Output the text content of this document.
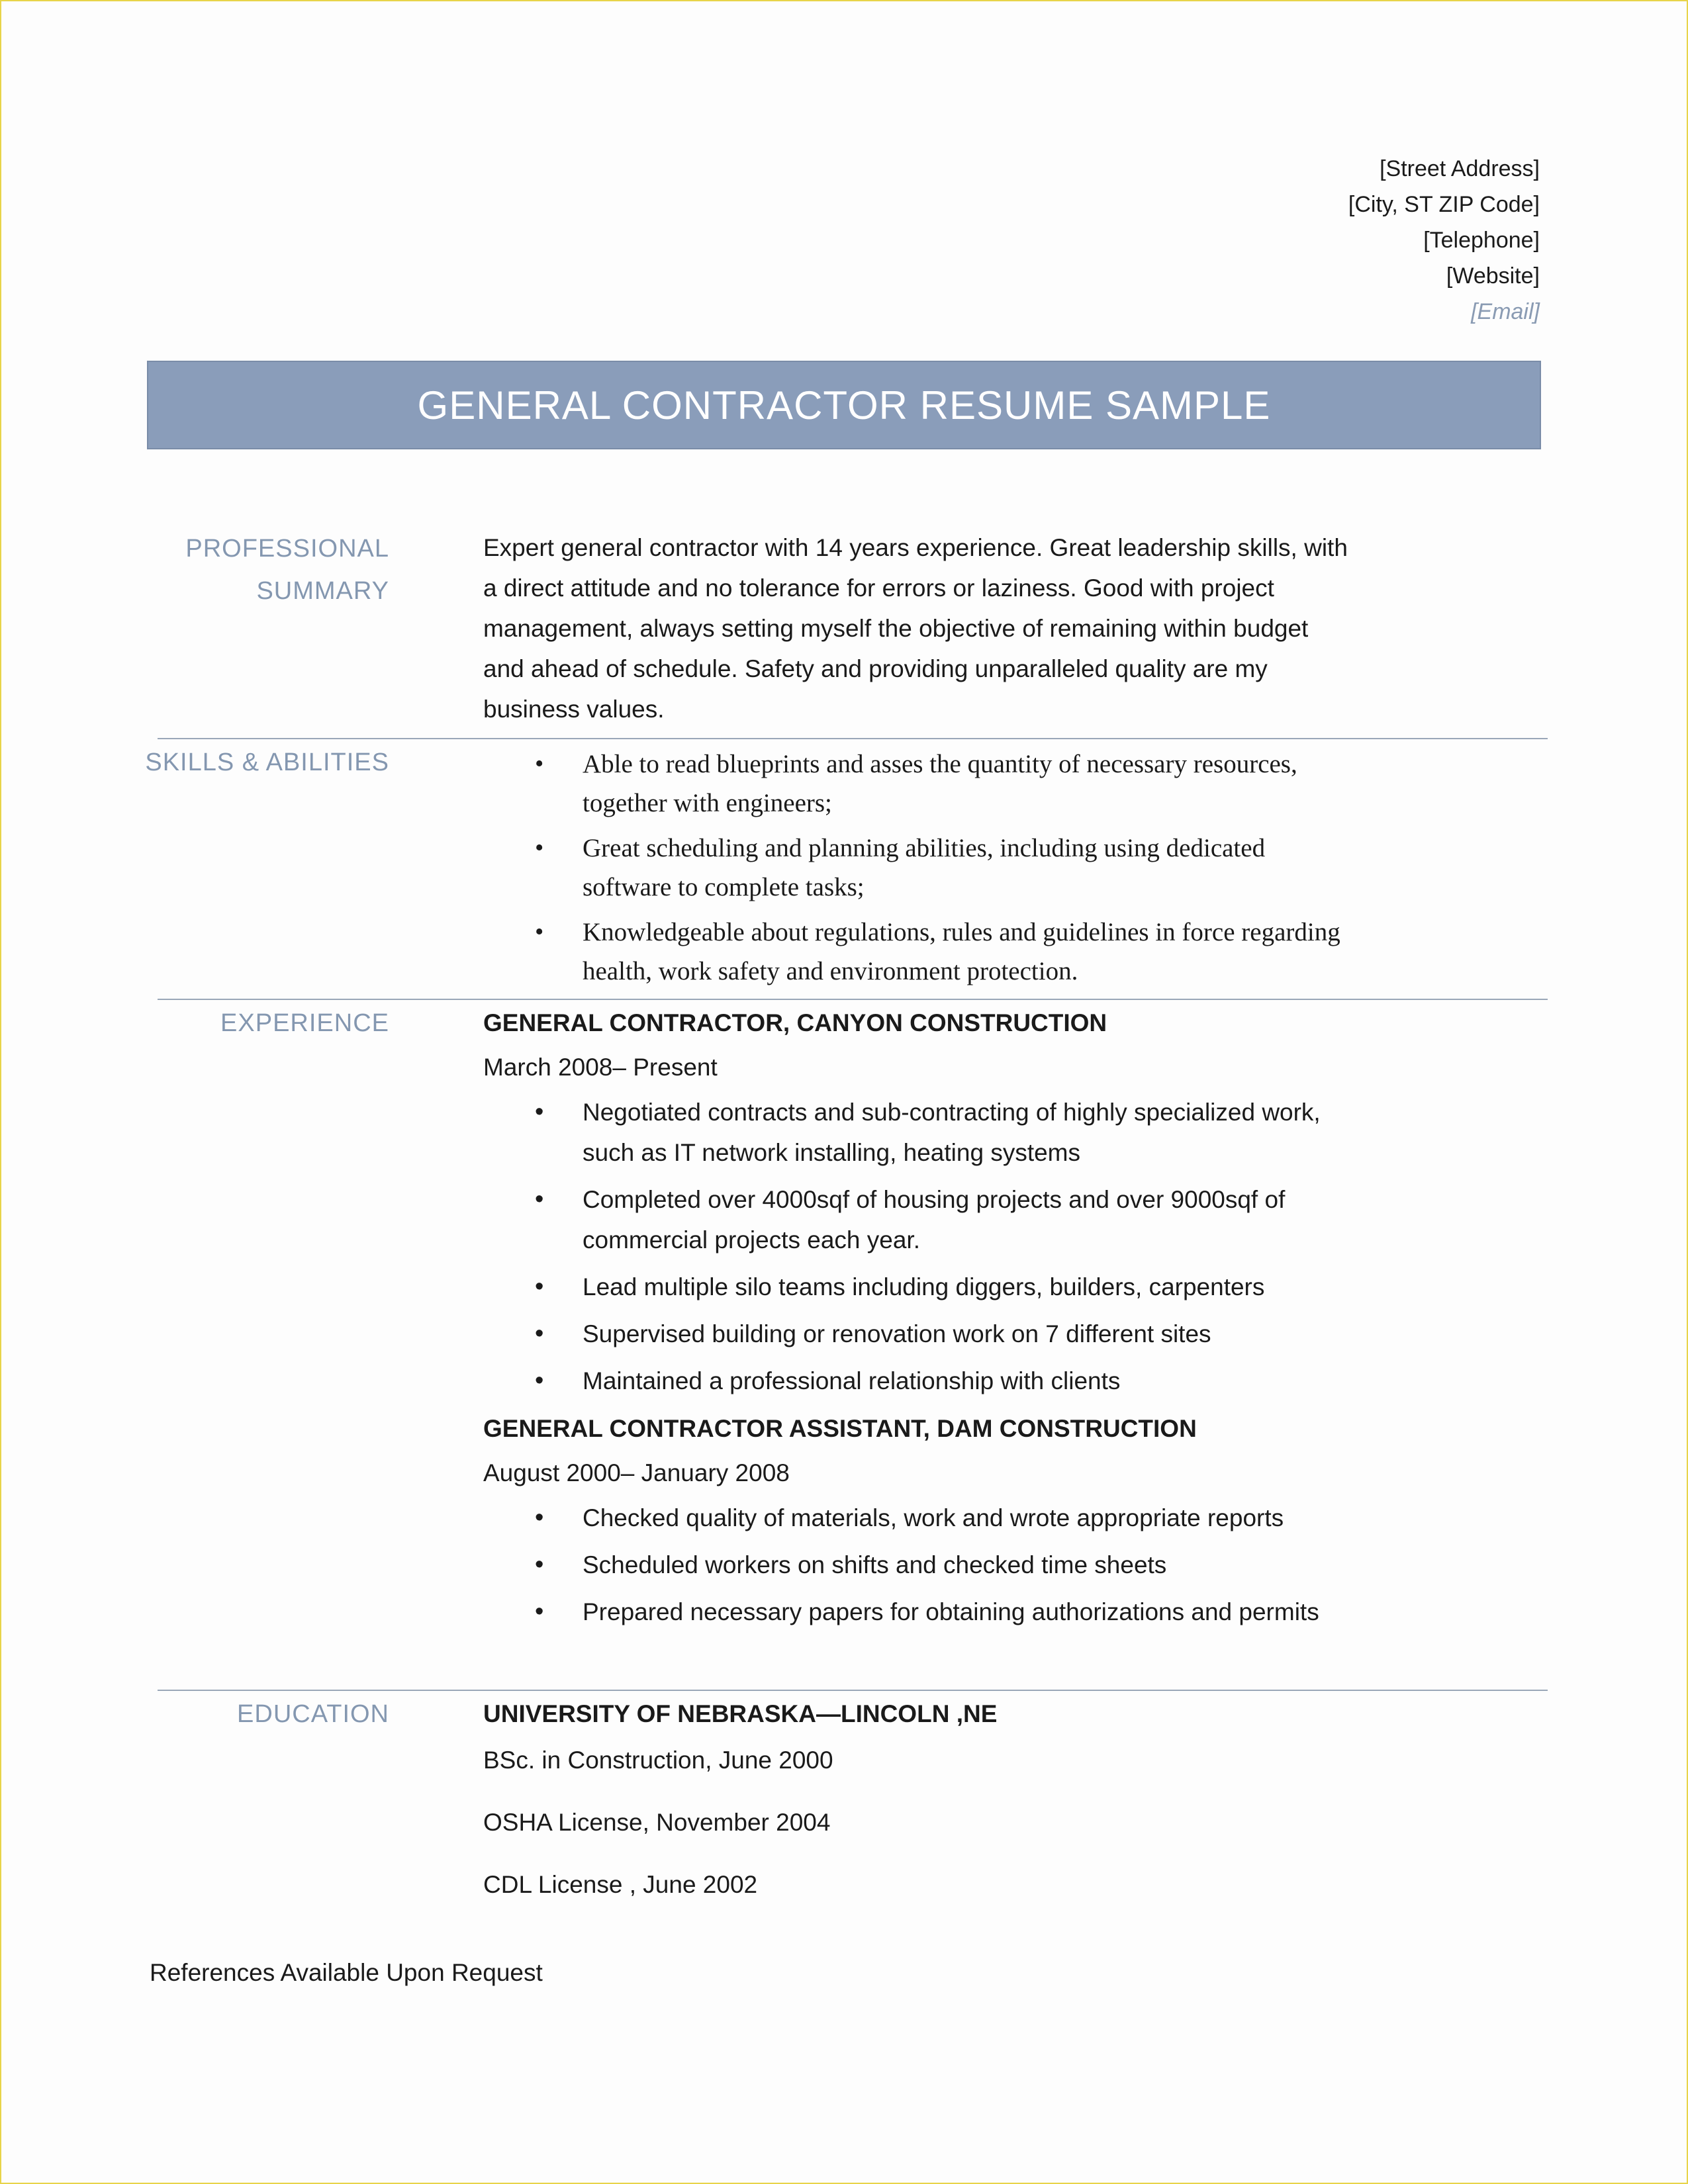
[Street Address]
[City, ST ZIP Code]
[Telephone]
[Website]
[Email]
GENERAL CONTRACTOR RESUME SAMPLE
PROFESSIONAL
SUMMARY
Expert general contractor with 14 years experience. Great leadership skills, with a direct attitude and no tolerance for errors or laziness. Good with project management, always setting myself the objective of remaining within budget and ahead of schedule. Safety and providing unparalleled quality are my business values.
SKILLS & ABILITIES
•	Able to read blueprints and asses the quantity of necessary resources, together with engineers;
• Great scheduling and planning abilities, including using dedicated software to complete tasks;
• Knowledgeable about regulations, rules and guidelines in force regarding health, work safety and environment protection.
EXPERIENCE	GENERAL CONTRACTOR, CANYON CONSTRUCTION
March 2008– Present
• Negotiated contracts and sub-contracting of highly specialized work, such as IT network installing, heating systems
• Completed over 4000sqf of housing projects and over 9000sqf of commercial projects each year.
• Lead multiple silo teams including diggers, builders, carpenters
• Supervised building or renovation work on 7 different sites
• Maintained a professional relationship with clients
GENERAL CONTRACTOR ASSISTANT, DAM CONSTRUCTION
August 2000– January 2008
• Checked quality of materials, work and wrote appropriate reports
• Scheduled workers on shifts and checked time sheets
• Prepared necessary papers for obtaining authorizations and permits
EDUCATION	UNIVERSITY OF NEBRASKA—LINCOLN ,NE
BSc. in Construction, June 2000
OSHA License, November 2004
CDL License , June 2002
References Available Upon Request
